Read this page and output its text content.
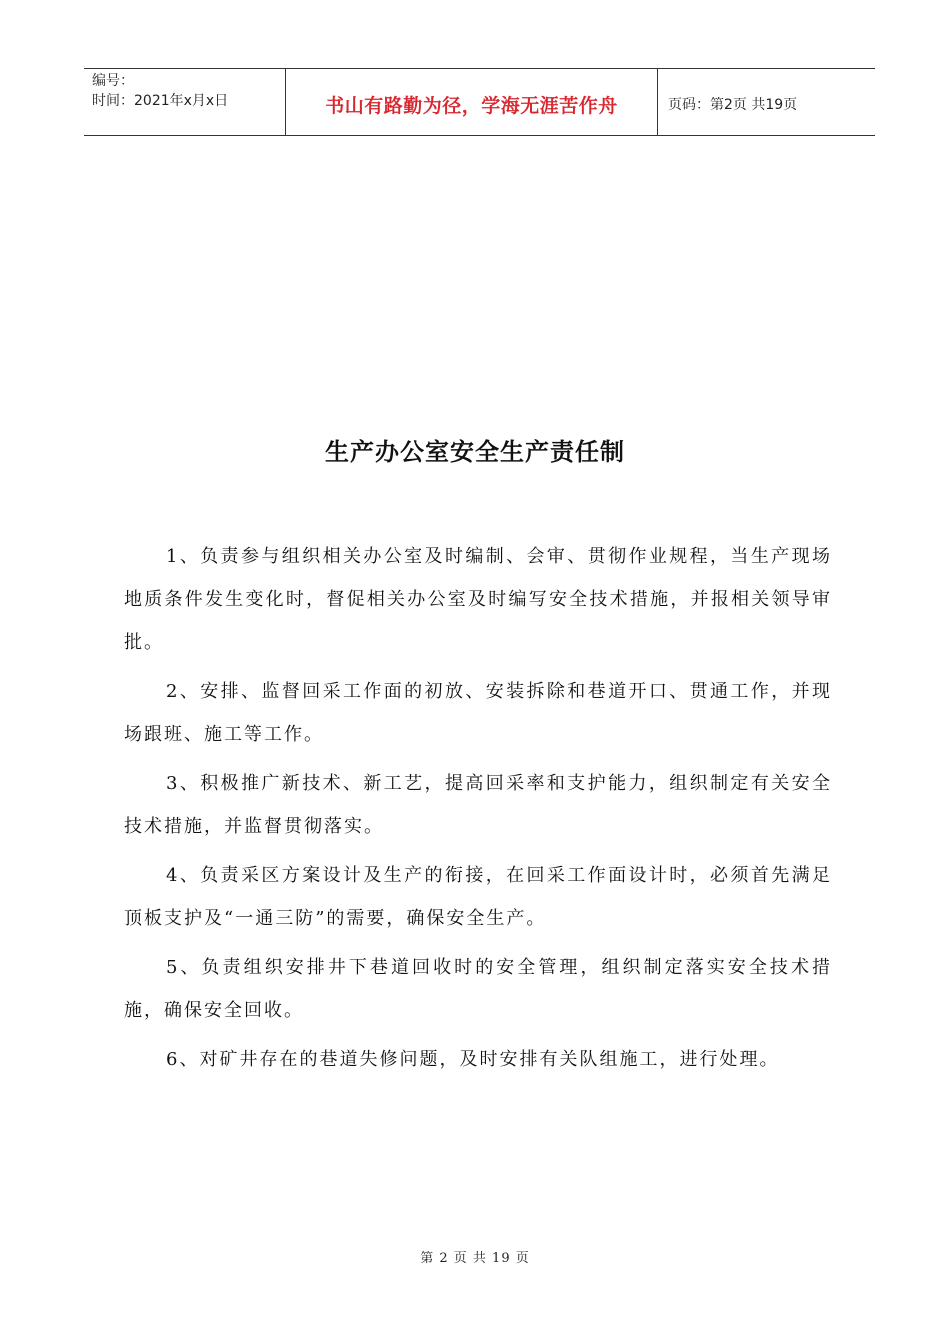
编号：
时间：2021年x月x日	书山有路勤为径，学海无涯苦作舟	页码：第2页 共19页
生产办公室安全生产责任制

1、负责参与组织相关办公室及时编制、会审、贯彻作业规程，当生产现场地质条件发生变化时，督促相关办公室及时编写安全技术措施，并报相关领导审批。

2、安排、监督回采工作面的初放、安装拆除和巷道开口、贯通工作，并现场跟班、施工等工作。

3、积极推广新技术、新工艺，提高回采率和支护能力，组织制定有关安全技术措施，并监督贯彻落实。

4、负责采区方案设计及生产的衔接，在回采工作面设计时，必须首先满足顶板支护及“一通三防”的需要，确保安全生产。

5、负责组织安排井下巷道回收时的安全管理，组织制定落实安全技术措施，确保安全回收。

6、对矿井存在的巷道失修问题，及时安排有关队组施工，进行处理。

第 2 页 共 19 页
